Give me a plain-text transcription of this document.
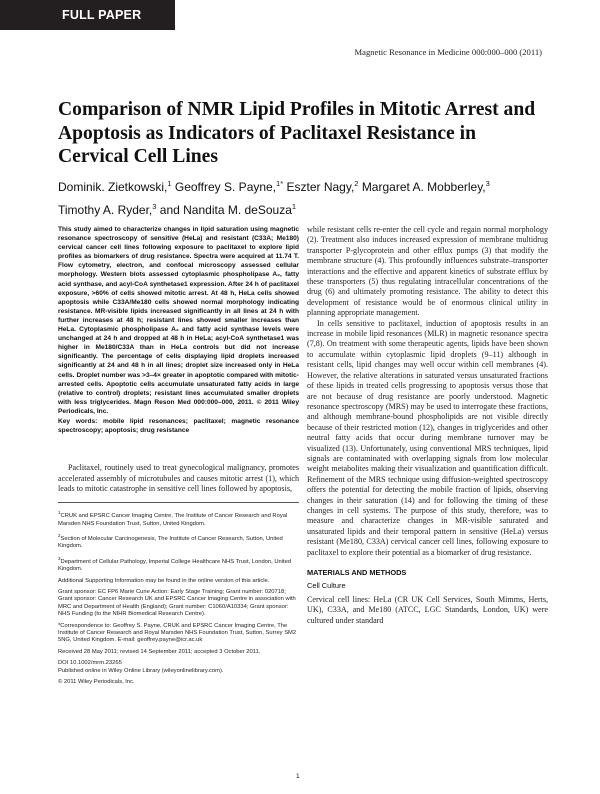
FULL PAPER
Magnetic Resonance in Medicine 000:000–000 (2011)
Comparison of NMR Lipid Profiles in Mitotic Arrest and Apoptosis as Indicators of Paclitaxel Resistance in Cervical Cell Lines
Dominik. Zietkowski,$^1$ Geoffrey S. Payne,$^{1*}$ Eszter Nagy,$^2$ Margaret A. Mobberley,$^3$
Timothy A. Ryder,$^3$ and Nandita M. deSouza$^1$

This study aimed to characterize changes in lipid saturation using magnetic resonance spectroscopy of sensitive (HeLa) and resistant (C33A; Me180) cervical cancer cell lines following exposure to paclitaxel to explore lipid profiles as biomarkers of drug resistance. Spectra were acquired at 11.74 T. Flow cytometry, electron, and confocal microscopy assessed cellular morphology. Western blots assessed cytoplasmic phospholipase A₂, fatty acid synthase, and acyl-CoA synthetase1 expression. After 24 h of paclitaxel exposure, >60% of cells showed mitotic arrest. At 48 h, HeLa cells showed apoptosis while C33A/Me180 cells showed normal morphology indicating resistance. MR-visible lipids increased significantly in all lines at 24 h with further increases at 48 h; resistant lines showed smaller increases than HeLa. Cytoplasmic phospholipase A₂ and fatty acid synthase levels were unchanged at 24 h and dropped at 48 h in HeLa; acyl-CoA synthetase1 was higher in Me180/C33A than in HeLa controls but did not increase significantly. The percentage of cells displaying lipid droplets increased significantly at 24 and 48 h in all lines; droplet size increased only in HeLa cells. Droplet number was >3–4× greater in apoptotic compared with mitotic-arrested cells. Apoptotic cells accumulate unsaturated fatty acids in large (relative to control) droplets; resistant lines accumulated smaller droplets with less triglycerides. Magn Reson Med 000:000–000, 2011. © 2011 Wiley Periodicals, Inc.

Key words: mobile lipid resonances; paclitaxel; magnetic resonance spectroscopy; apoptosis; drug resistance

Paclitaxel, routinely used to treat gynecological malignancy, promotes accelerated assembly of microtubules and causes mitotic arrest (1), which leads to mitotic catastrophe in sensitive cell lines followed by apoptosis,

$^1$CRUK and EPSRC Cancer Imaging Centre, The Institute of Cancer Research and Royal Marsden NHS Foundation Trust, Sutton, United Kingdom.

$^2$Section of Molecular Carcinogenesis, The Institute of Cancer Research, Sutton, United Kingdom.

$^3$Department of Cellular Pathology, Imperial College Healthcare NHS Trust, London, United Kingdom.

Additional Supporting Information may be found in the online version of this article.

Grant sponsor: EC FP6 Marie Curie Action: Early Stage Training; Grant number: 020718; Grant sponsor: Cancer Research UK and EPSRC Cancer Imaging Centre in association with MRC and Department of Health (England); Grant number: C1060/A10334; Grant sponsor: NHS Funding (to the NIHR Biomedical Research Centre).

*Correspondence to: Geoffrey S. Payne, CRUK and EPSRC Cancer Imaging Centre, The Institute of Cancer Research and Royal Marsden NHS Foundation Trust, Sutton, Surrey SM2 5NG, United Kingdom. E-mail: geoffrey.payne@icr.ac.uk

Received 28 May 2011; revised 14 September 2011; accepted 3 October 2011.

DOI 10.1002/mrm.23265
Published online in Wiley Online Library (wileyonlinelibrary.com).

© 2011 Wiley Periodicals, Inc.

while resistant cells re-enter the cell cycle and regain normal morphology (2). Treatment also induces increased expression of membrane multidrug transporter P-glycoprotein and other efflux pumps (3) that modify the membrane structure (4). This profoundly influences substrate–transporter interactions and the effective and apparent kinetics of substrate efflux by these transporters (5) thus regulating intracellular concentrations of the drug (6) and ultimately promoting resistance. The ability to detect this development of resistance would be of enormous clinical utility in planning appropriate management.

In cells sensitive to paclitaxel, induction of apoptosis results in an increase in mobile lipid resonances (MLR) in magnetic resonance spectra (7,8). On treatment with some therapeutic agents, lipids have been shown to accumulate within cytoplasmic lipid droplets (9–11) although in resistant cells, lipid changes may well occur within cell membranes (4). However, the relative alterations in saturated versus unsaturated fractions of these lipids in treated cells progressing to apoptosis versus those that are not because of drug resistance are poorly understood. Magnetic resonance spectroscopy (MRS) may be used to interrogate these fractions, and although membrane-bound phospholipids are not visible directly because of their restricted motion (12), changes in triglycerides and other neutral fatty acids that occur during membrane turnover may be visualized (13). Unfortunately, using conventional MRS techniques, lipid signals are contaminated with overlapping signals from low molecular weight metabolites making their visualization and quantification difficult. Refinement of the MRS technique using diffusion-weighted spectroscopy offers the potential for detecting the mobile fraction of lipids, observing changes in their saturation (14) and for following the timing of these changes in cell systems. The purpose of this study, therefore, was to measure and characterize changes in MR-visible saturated and unsaturated lipids and their temporal pattern in sensitive (HeLa) versus resistant (Me180, C33A) cervical cancer cell lines, following exposure to paclitaxel to explore their potential as a biomarker of drug resistance.

MATERIALS AND METHODS
Cell Culture

Cervical cell lines: HeLa (CR UK Cell Services, South Mimms, Herts, UK), C33A, and Me180 (ATCC, LGC Standards, London, UK) were cultured under standard

1
